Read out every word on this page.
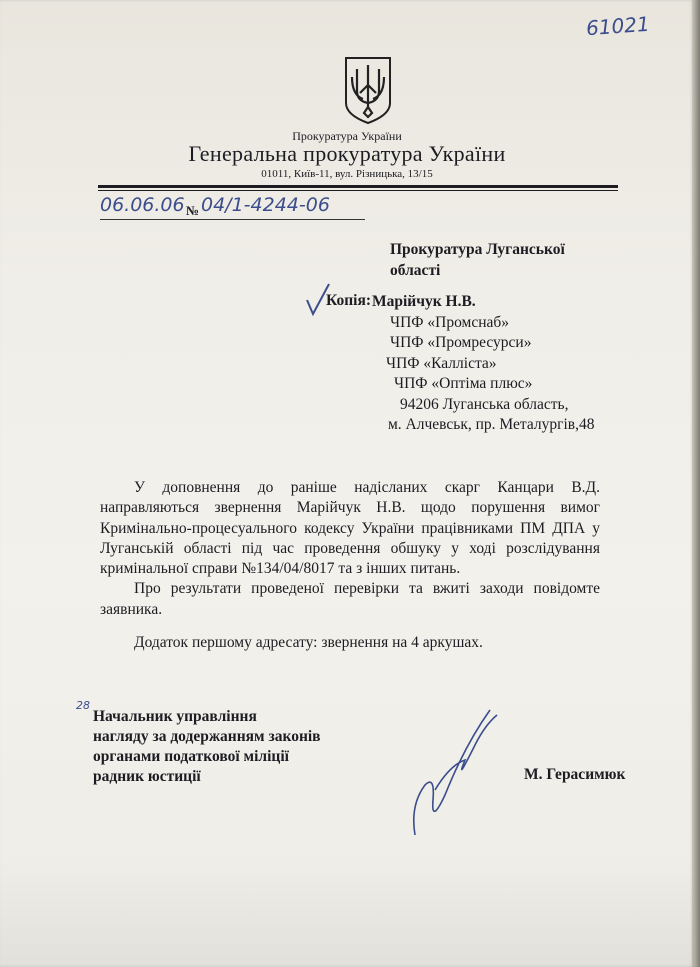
61021
Прокуратура України
Генеральна прокуратура України
01011, Київ-11, вул. Різницька, 13/15
06.06.06 № 04/1-4244-06
Прокуратура Луганської
області
Копія: Марійчук Н.В.
ЧПФ «Промснаб»
ЧПФ «Промресурси»
ЧПФ «Калліста»
ЧПФ «Оптіма плюс»
94206 Луганська область,
м. Алчевськ, пр. Металургів,48

У доповнення до раніше надісланих скарг Канцари В.Д. направляються звернення Марійчук Н.В. щодо порушення вимог Кримінально-процесуального кодексу України працівниками ПМ ДПА у Луганській області під час проведення обшуку у ході розслідування кримінальної справи №134/04/8017 та з інших питань.

Про результати проведеної перевірки та вжиті заходи повідомте заявника.

Додаток першому адресату: звернення на 4 аркушах.
28
Начальник управління
нагляду за додержанням законів
органами податкової міліції
радник юстиції	М. Герасимюк
